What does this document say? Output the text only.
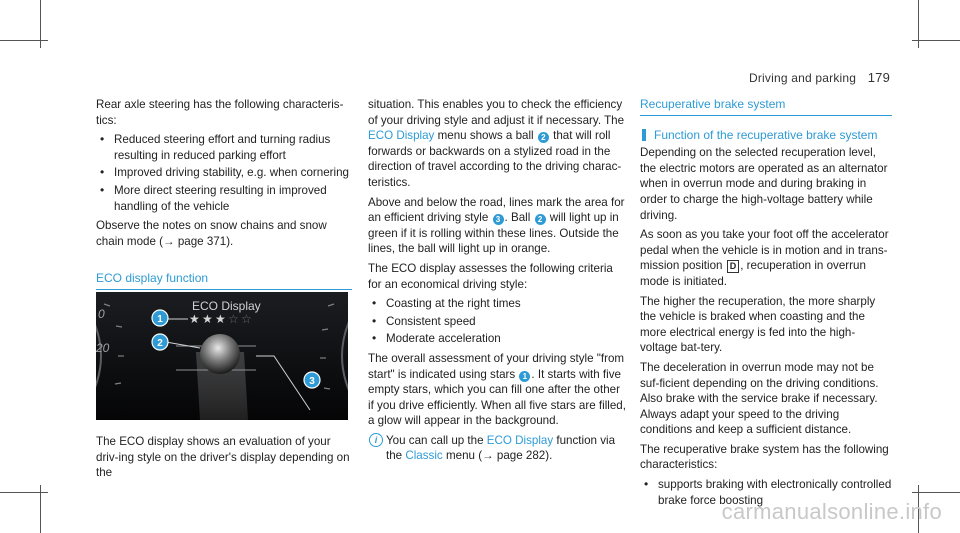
Driving and parking 179

Rear axle steering has the following characteris-tics:

• Reduced steering effort and turning radius resulting in reduced parking effort
• Improved driving stability, e.g. when cornering
• More direct steering resulting in improved handling of the vehicle

Observe the notes on snow chains and snow chain mode (→ page 371).

ECO display function
0
20
ECO Display
★ ★ ★ ☆ ☆
1
2
3

The ECO display shows an evaluation of your driv-ing style on the driver's display depending on the

situation. This enables you to check the efficiency of your driving style and adjust it if necessary. The ECO Display menu shows a ball 2 that will roll forwards or backwards on a stylized road in the direction of travel according to the driving charac-teristics.

Above and below the road, lines mark the area for an efficient driving style 3 . Ball 2 will light up in green if it is rolling within these lines. Outside the lines, the ball will light up in orange.

The ECO display assesses the following criteria for an economical driving style:

• Coasting at the right times
• Consistent speed
• Moderate acceleration

The overall assessment of your driving style "from start" is indicated using stars 1 . It starts with five empty stars, which you can fill one after the other if you drive efficiently. When all five stars are filled, a glow will appear in the background.

i You can call up the ECO Display function via the Classic menu (→ page 282).

Recuperative brake system
Function of the recuperative brake system

Depending on the selected recuperation level, the electric motors are operated as an alternator when in overrun mode and during braking in order to charge the high-voltage battery while driving.

As soon as you take your foot off the accelerator pedal when the vehicle is in motion and in trans-mission position D , recuperation in overrun mode is initiated.

The higher the recuperation, the more sharply the vehicle is braked when coasting and the more electrical energy is fed into the high-voltage bat-tery.

The deceleration in overrun mode may not be suf-ficient depending on the driving conditions. Also brake with the service brake if necessary. Always adapt your speed to the driving conditions and keep a sufficient distance.

The recuperative brake system has the following characteristics:

• supports braking with electronically controlled brake force boosting
carmanualsonline.info
